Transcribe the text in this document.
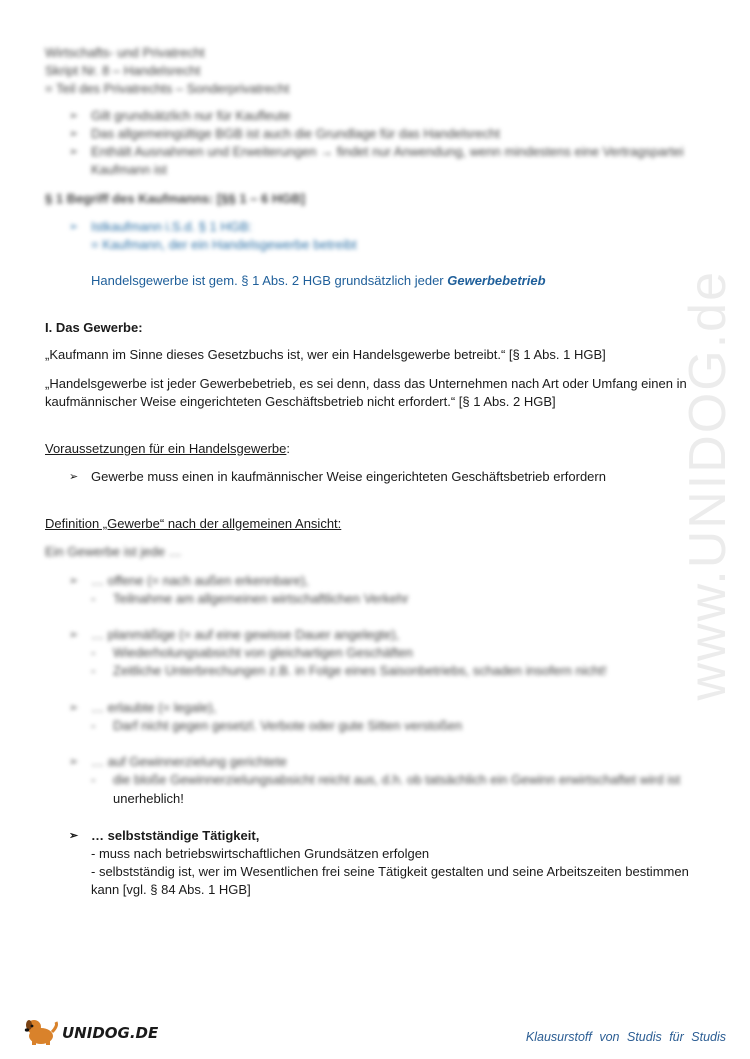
Wirtschafts- und Privatrecht
Skript Nr. 8 – Handelsrecht
= Teil des Privatrechts – Sonderprivatrecht
➢ Gilt grundsätzlich nur für Kaufleute
➢ Das allgemeingültige BGB ist auch die Grundlage für das Handelsrecht
➢ Enthält Ausnahmen und Erweiterungen → findet nur Anwendung, wenn mindestens eine Vertragspartei
Kaufmann ist
§ 1 Begriff des Kaufmanns: [§§ 1 – 6 HGB]
➢ Istkaufmann i.S.d. § 1 HGB:
= Kaufmann, der ein Handelsgewerbe betreibt
Handelsgewerbe ist gem. § 1 Abs. 2 HGB grundsätzlich jeder Gewerbebetrieb
I. Das Gewerbe:
„Kaufmann im Sinne dieses Gesetzbuchs ist, wer ein Handelsgewerbe betreibt.“ [§ 1 Abs. 1 HGB]
„Handelsgewerbe ist jeder Gewerbebetrieb, es sei denn, dass das Unternehmen nach Art oder Umfang einen in
kaufmännischer Weise eingerichteten Geschäftsbetrieb nicht erfordert.“ [§ 1 Abs. 2 HGB]
Voraussetzungen für ein Handelsgewerbe:
➢ Gewerbe muss einen in kaufmännischer Weise eingerichteten Geschäftsbetrieb erfordern
Definition „Gewerbe“ nach der allgemeinen Ansicht:
Ein Gewerbe ist jede …
➢ … offene (= nach außen erkennbare),
- Teilnahme am allgemeinen wirtschaftlichen Verkehr
➢ … planmäßige (= auf eine gewisse Dauer angelegte),
- Wiederholungsabsicht von gleichartigen Geschäften
- Zeitliche Unterbrechungen z.B. in Folge eines Saisonbetriebs, schaden insofern nicht!
➢ … erlaubte (= legale),
- Darf nicht gegen gesetzl. Verbote oder gute Sitten verstoßen
➢ … auf Gewinnerzielung gerichtete
- die bloße Gewinnerzielungsabsicht reicht aus, d.h. ob tatsächlich ein Gewinn erwirtschaftet wird ist
unerheblich!
➢ … selbstständige Tätigkeit,
- muss nach betriebswirtschaftlichen Grundsätzen erfolgen
- selbstständig ist, wer im Wesentlichen frei seine Tätigkeit gestalten und seine Arbeitszeiten bestimmen
kann [vgl. § 84 Abs. 1 HGB]
www.UNIDOG.de
UNIDOG.DE	Klausurstoff von Studis für Studis
